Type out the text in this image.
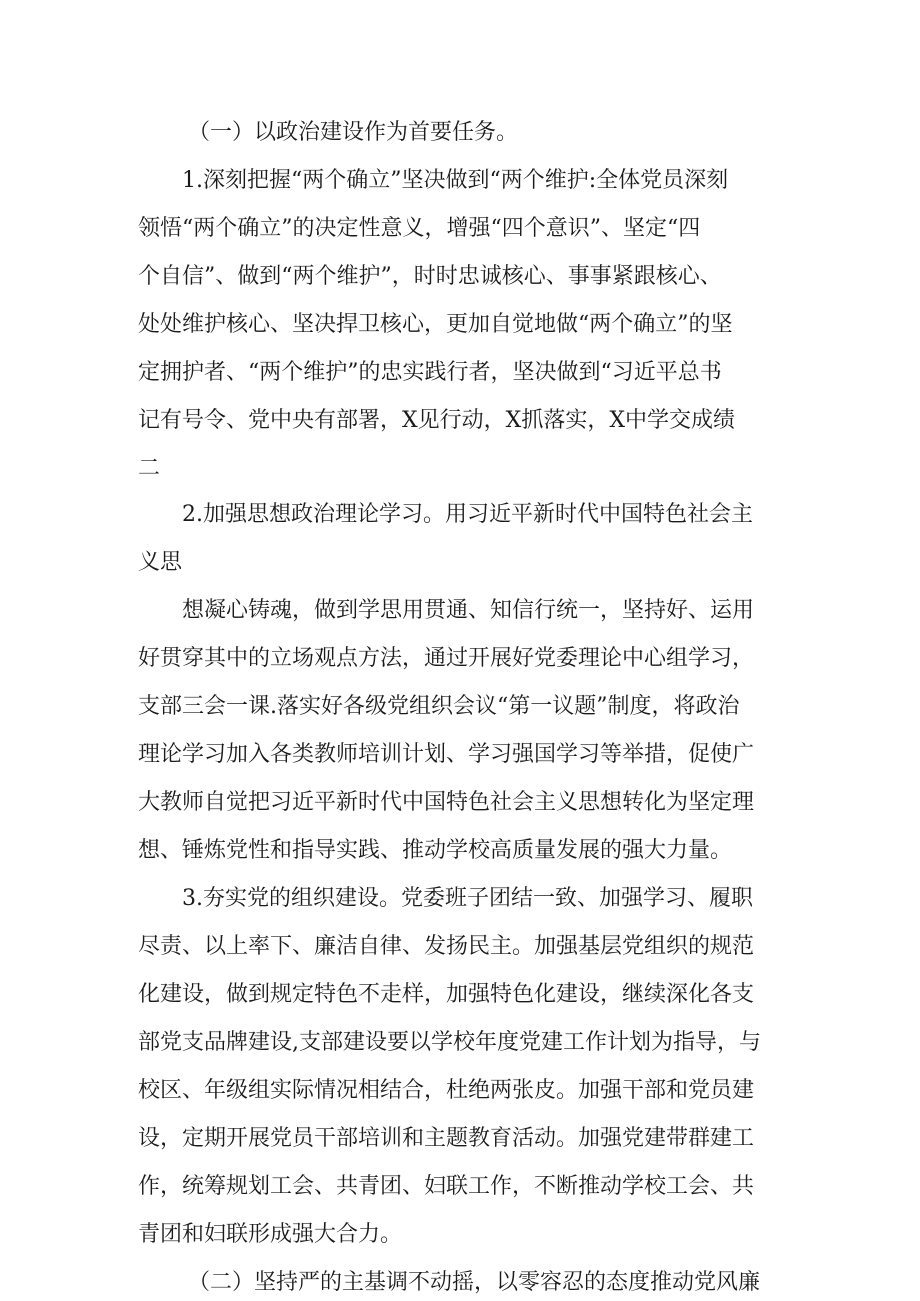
（一）以政治建设作为首要任务。
1.深刻把握“两个确立”坚决做到“两个维护:全体党员深刻
领悟“两个确立”的决定性意义，增强“四个意识”、坚定“四
个自信”、做到“两个维护”，时时忠诚核心、事事紧跟核心、
处处维护核心、坚决捍卫核心，更加自觉地做“两个确立”的坚
定拥护者、“两个维护”的忠实践行者，坚决做到“习近平总书
记有号令、党中央有部署，X见行动，X抓落实，X中学交成绩
二
2.加强思想政治理论学习。用习近平新时代中国特色社会主
义思
想凝心铸魂，做到学思用贯通、知信行统一，坚持好、运用
好贯穿其中的立场观点方法，通过开展好党委理论中心组学习，
支部三会一课.落实好各级党组织会议“第一议题”制度，将政治
理论学习加入各类教师培训计划、学习强国学习等举措，促使广
大教师自觉把习近平新时代中国特色社会主义思想转化为坚定理
想、锤炼党性和指导实践、推动学校高质量发展的强大力量。
3.夯实党的组织建设。党委班子团结一致、加强学习、履职
尽责、以上率下、廉洁自律、发扬民主。加强基层党组织的规范
化建设，做到规定特色不走样，加强特色化建设，继续深化各支
部党支品牌建设,支部建设要以学校年度党建工作计划为指导，与
校区、年级组实际情况相结合，杜绝两张皮。加强干部和党员建
设，定期开展党员干部培训和主题教育活动。加强党建带群建工
作，统筹规划工会、共青团、妇联工作，不断推动学校工会、共
青团和妇联形成强大合力。
（二）坚持严的主基调不动摇，以零容忍的态度推动党风廉
